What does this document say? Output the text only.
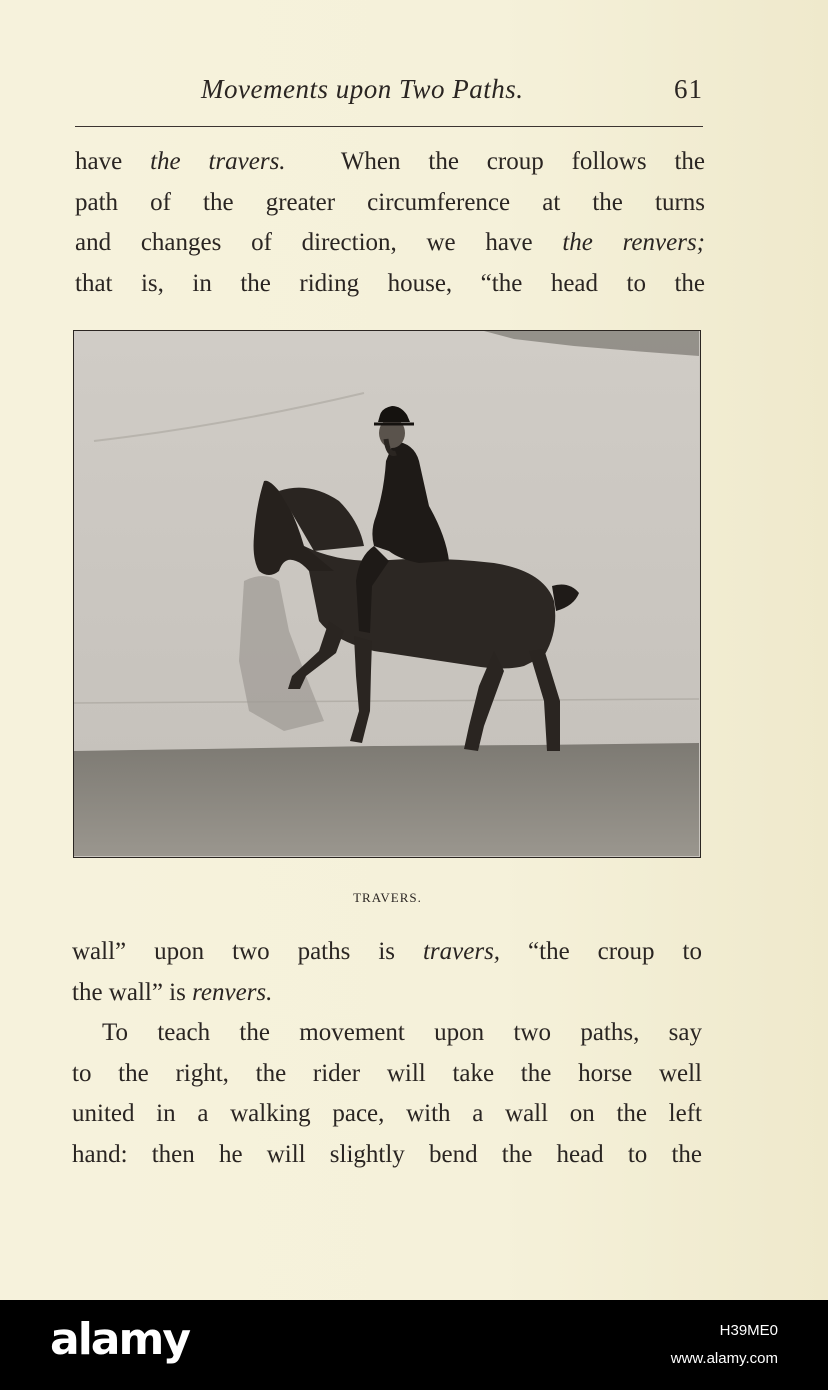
Movements upon Two Paths.	61
have the travers.  When the croup follows the
path of the greater circumference at the turns
and changes of direction, we have the renvers;
that is, in the riding house, “the head to the
TRAVERS.
wall” upon two paths is travers, “the croup to
the wall” is renvers.
To teach the movement upon two paths, say
to the right, the rider will take the horse well
united in a walking pace, with a wall on the left
hand: then he will slightly bend the head to the
alamy	H39ME0
www.alamy.com
